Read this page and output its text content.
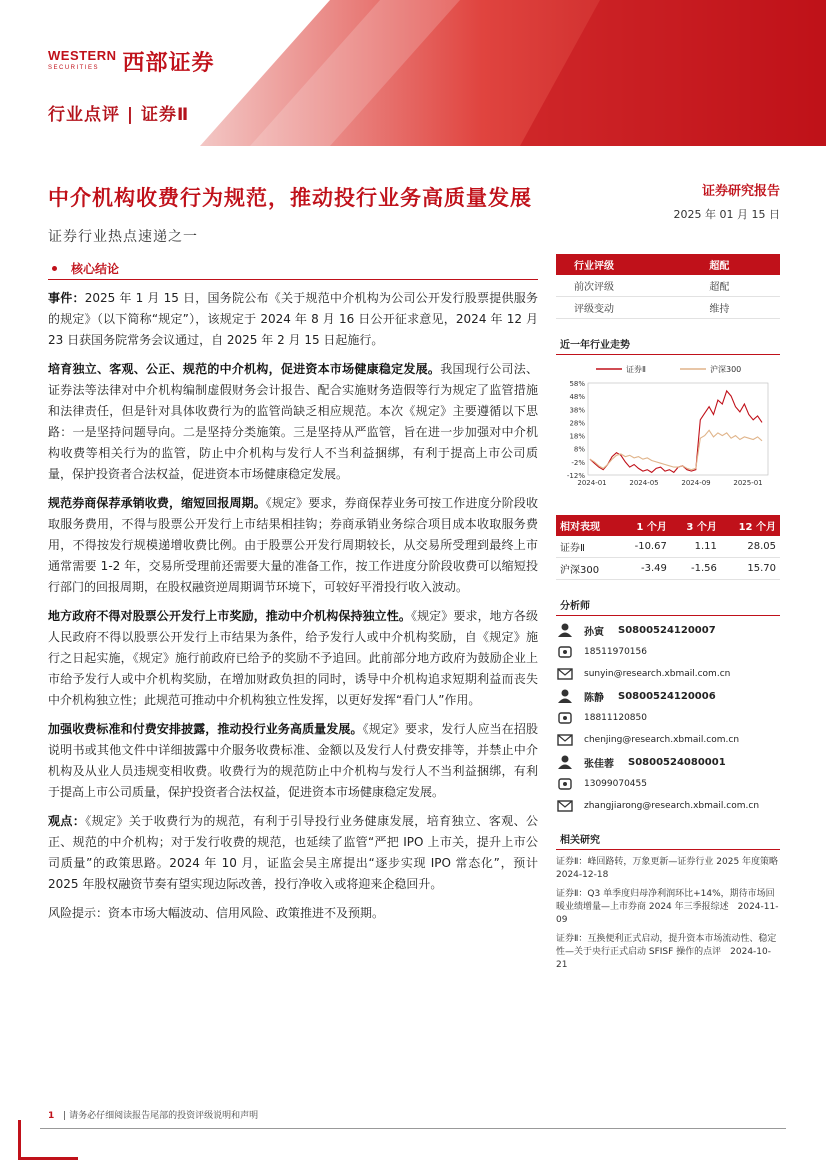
WESTERN
SECURITIES	西部证券
行业点评 | 证券Ⅱ
中介机构收费行为规范，推动投行业务高质量发展
证券行业热点速递之一
证券研究报告
2025 年 01 月 15 日
核心结论
事件：2025 年 1 月 15 日，国务院公布《关于规范中介机构为公司公开发行股票提供服务的规定》（以下简称“规定”），该规定于 2024 年 8 月 16 日公开征求意见，2024 年 12 月 23 日获国务院常务会议通过，自 2025 年 2 月 15 日起施行。
培育独立、客观、公正、规范的中介机构，促进资本市场健康稳定发展。我国现行公司法、证券法等法律对中介机构编制虚假财务会计报告、配合实施财务造假等行为规定了监管措施和法律责任，但是针对具体收费行为的监管尚缺乏相应规范。本次《规定》主要遵循以下思路：一是坚持问题导向。二是坚持分类施策。三是坚持从严监管，旨在进一步加强对中介机构收费等相关行为的监管，防止中介机构与发行人不当利益捆绑，有利于提高上市公司质量，保护投资者合法权益，促进资本市场健康稳定发展。
规范券商保荐承销收费，缩短回报周期。《规定》要求，券商保荐业务可按工作进度分阶段收取服务费用，不得与股票公开发行上市结果相挂钩；券商承销业务综合项目成本收取服务费用，不得按发行规模递增收费比例。由于股票公开发行周期较长，从交易所受理到最终上市通常需要 1-2 年，交易所受理前还需要大量的准备工作，按工作进度分阶段收费可以缩短投行部门的回报周期，在股权融资逆周期调节环境下，可较好平滑投行收入波动。
地方政府不得对股票公开发行上市奖励，推动中介机构保持独立性。《规定》要求，地方各级人民政府不得以股票公开发行上市结果为条件，给予发行人或中介机构奖励，自《规定》施行之日起实施，《规定》施行前政府已给予的奖励不予追回。此前部分地方政府为鼓励企业上市给予发行人或中介机构奖励，在增加财政负担的同时，诱导中介机构追求短期利益而丧失中介机构独立性；此规范可推动中介机构独立性发挥，以更好发挥“看门人”作用。
加强收费标准和付费安排披露，推动投行业务高质量发展。《规定》要求，发行人应当在招股说明书或其他文件中详细披露中介服务收费标准、金额以及发行人付费安排等，并禁止中介机构及从业人员违规变相收费。收费行为的规范防止中介机构与发行人不当利益捆绑，有利于提高上市公司质量，保护投资者合法权益，促进资本市场健康稳定发展。
观点：《规定》关于收费行为的规范，有利于引导投行业务健康发展，培育独立、客观、公正、规范的中介机构；对于发行收费的规范，也延续了监管“严把 IPO 上市关，提升上市公司质量”的政策思路。2024 年 10 月，证监会吴主席提出“逐步实现 IPO 常态化”，预计 2025 年股权融资节奏有望实现边际改善，投行净收入或将迎来企稳回升。
风险提示：资本市场大幅波动、信用风险、政策推进不及预期。
行业评级	超配
前次评级	超配
评级变动	维持
近一年行业走势
证券Ⅱ	沪深300
58%
48%
38%
28%
18%
8%
-2%
-12%
2024-01	2024-05	2024-09	2025-01
相对表现	1 个月	3 个月	12 个月
证券Ⅱ	-10.67	1.11	28.05
沪深300	-3.49	-1.56	15.70
分析师
孙寅 S0800524120007
18511970156
sunyin@research.xbmail.com.cn
陈静 S0800524120006
18811120850
chenjing@research.xbmail.com.cn
张佳蓉 S0800524080001
13099070455
zhangjiarong@research.xbmail.com.cn
相关研究
证券Ⅱ：峰回路转，万象更新—证券行业 2025 年度策略　2024-12-18
证券Ⅱ：Q3 单季度归母净利润环比+14%，期待市场回暖业绩增量—上市券商 2024 年三季报综述　2024-11-09
证券Ⅱ：互换便利正式启动，提升资本市场流动性、稳定性—关于央行正式启动 SFISF 操作的点评　2024-10-21
1 | 请务必仔细阅读报告尾部的投资评级说明和声明
